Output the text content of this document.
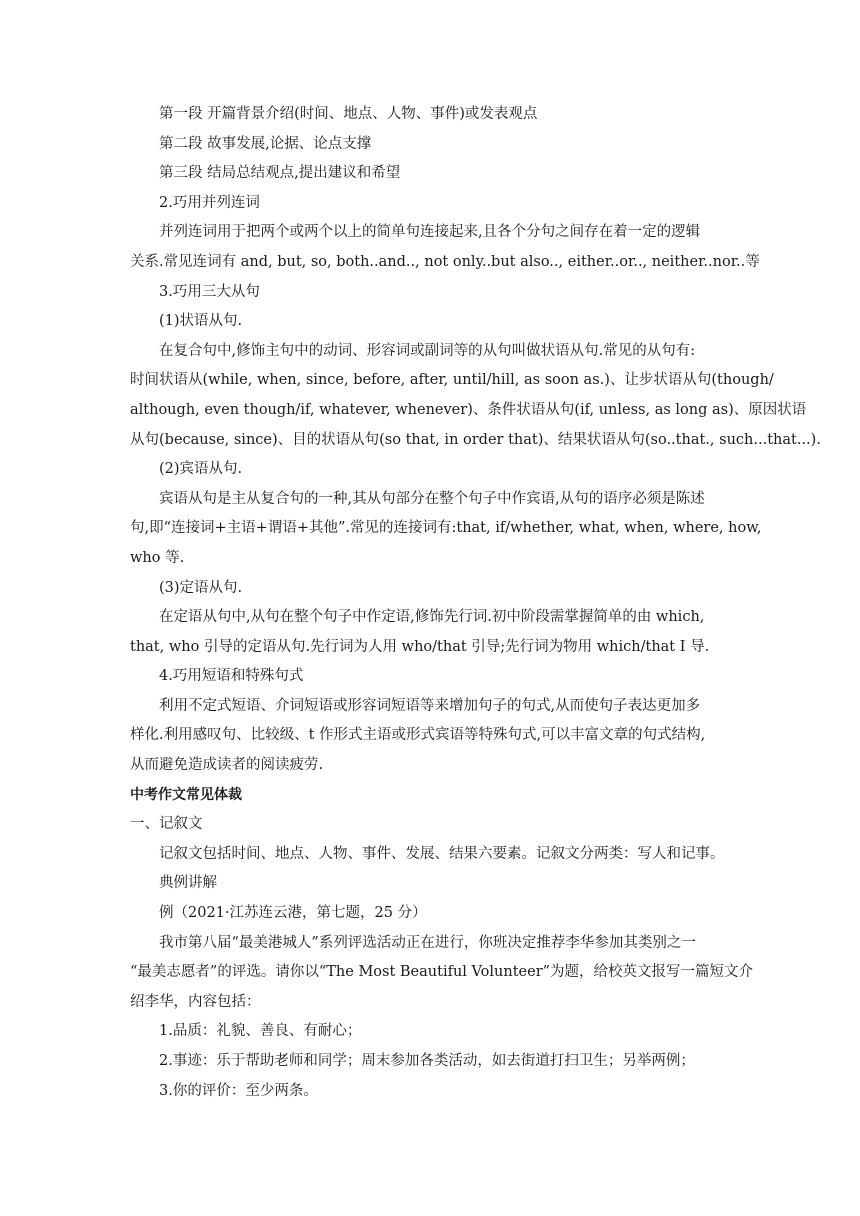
第一段 开篇背景介绍(时间、地点、人物、事件)或发表观点
第二段 故事发展,论据、论点支撑
第三段 结局总结观点,提出建议和希望
2.巧用并列连词
并列连词用于把两个或两个以上的简单句连接起来,且各个分句之间存在着一定的逻辑
关系.常见连词有 and, but, so, both..and.., not only..but also.., either..or.., neither..nor..等
3.巧用三大从句
(1)状语从句.
在复合句中,修饰主句中的动词、形容词或副词等的从句叫做状语从句.常见的从句有:
时间状语从(while, when, since, before, after, until/hill, as soon as.)、让步状语从句(though/
although, even though/if, whatever, whenever)、条件状语从句(if, unless, as long as)、原因状语
从句(because, since)、目的状语从句(so that, in order that)、结果状语从句(so..that., such...that...).
(2)宾语从句.
宾语从句是主从复合句的一种,其从句部分在整个句子中作宾语,从句的语序必须是陈述
句,即“连接词+主语+谓语+其他”.常见的连接词有:that, if/whether, what, when, where, how,
who 等.
(3)定语从句.
在定语从句中,从句在整个句子中作定语,修饰先行词.初中阶段需掌握简单的由 which,
that, who 引导的定语从句.先行词为人用 who/that 引导;先行词为物用 which/that I 导.
4.巧用短语和特殊句式
利用不定式短语、介词短语或形容词短语等来增加句子的句式,从而使句子表达更加多
样化.利用感叹句、比较级、t 作形式主语或形式宾语等特殊句式,可以丰富文章的句式结构,
从而避免造成读者的阅读疲劳.
中考作文常见体裁
一、记叙文
记叙文包括时间、地点、人物、事件、发展、结果六要素。记叙文分两类：写人和记事。
典例讲解
例（2021·江苏连云港，第七题，25 分）
我市第八届“最美港城人”系列评选活动正在进行，你班决定推荐李华参加其类别之一
“最美志愿者”的评选。请你以“The Most Beautiful Volunteer”为题，给校英文报写一篇短文介
绍李华，内容包括：
1.品质：礼貌、善良、有耐心；
2.事迹：乐于帮助老师和同学；周末参加各类活动，如去街道打扫卫生；另举两例；
3.你的评价：至少两条。
